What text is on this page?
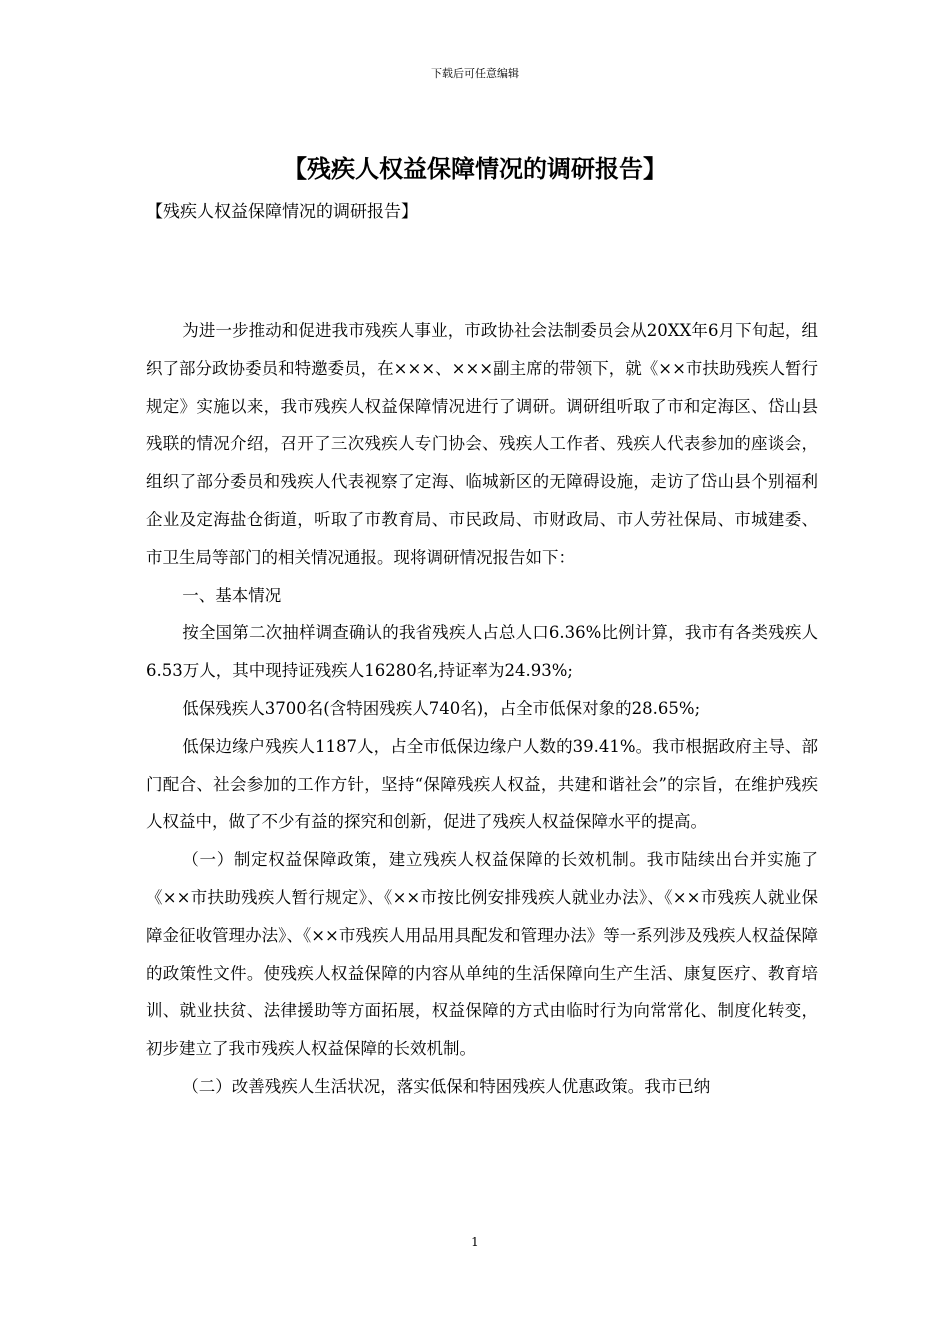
下载后可任意编辑
【残疾人权益保障情况的调研报告】
【残疾人权益保障情况的调研报告】

为进一步推动和促进我市残疾人事业，市政协社会法制委员会从20XX年6月下旬起，组织了部分政协委员和特邀委员，在×××、×××副主席的带领下，就《××市扶助残疾人暂行规定》实施以来，我市残疾人权益保障情况进行了调研。调研组听取了市和定海区、岱山县残联的情况介绍，召开了三次残疾人专门协会、残疾人工作者、残疾人代表参加的座谈会，组织了部分委员和残疾人代表视察了定海、临城新区的无障碍设施，走访了岱山县个别福利企业及定海盐仓街道，听取了市教育局、市民政局、市财政局、市人劳社保局、市城建委、市卫生局等部门的相关情况通报。现将调研情况报告如下：

一、基本情况

按全国第二次抽样调查确认的我省残疾人占总人口6.36%比例计算，我市有各类残疾人6.53万人，其中现持证残疾人16280名,持证率为24.93%;

低保残疾人3700名(含特困残疾人740名)，占全市低保对象的28.65%;

低保边缘户残疾人1187人，占全市低保边缘户人数的39.41%。我市根据政府主导、部门配合、社会参加的工作方针，坚持“保障残疾人权益，共建和谐社会”的宗旨，在维护残疾人权益中，做了不少有益的探究和创新，促进了残疾人权益保障水平的提高。

（一）制定权益保障政策，建立残疾人权益保障的长效机制。我市陆续出台并实施了《××市扶助残疾人暂行规定》、《××市按比例安排残疾人就业办法》、《××市残疾人就业保障金征收管理办法》、《××市残疾人用品用具配发和管理办法》等一系列涉及残疾人权益保障的政策性文件。使残疾人权益保障的内容从单纯的生活保障向生产生活、康复医疗、教育培训、就业扶贫、法律援助等方面拓展，权益保障的方式由临时行为向常常化、制度化转变，初步建立了我市残疾人权益保障的长效机制。

（二）改善残疾人生活状况，落实低保和特困残疾人优惠政策。我市已纳

1
